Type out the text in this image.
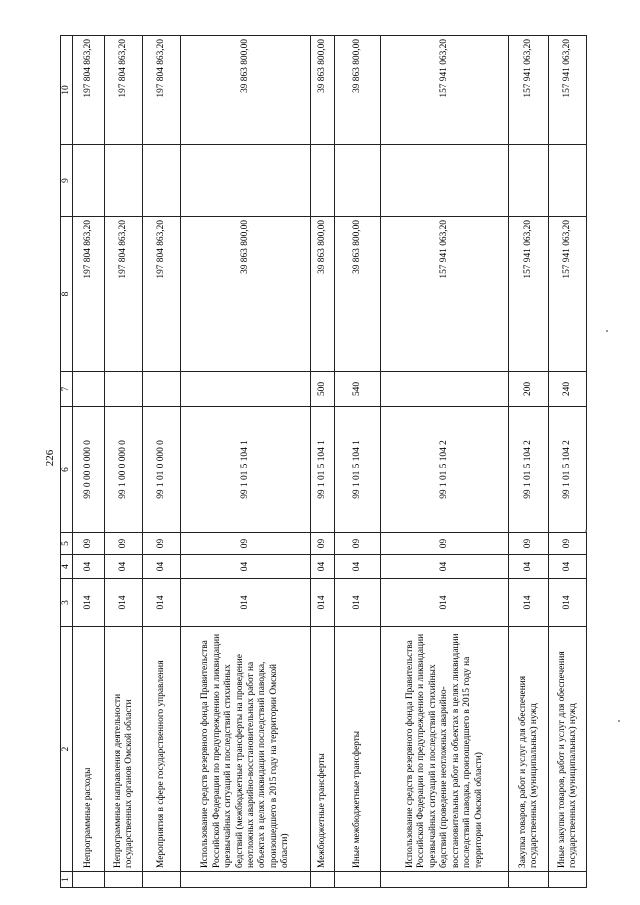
226
1	2	3	4	5	6	7	8	9	10
	Непрограммные расходы	014	04	09	99 0 00 0 000 0		197 804 863,20		197 804 863,20
	Непрограммные направления деятельности государственных органов Омской области	014	04	09	99 1 00 0 000 0		197 804 863,20		197 804 863,20
	Мероприятия в сфере государственного управления	014	04	09	99 1 01 0 000 0		197 804 863,20		197 804 863,20
	Использование средств резервного фонда Правительства Российской Федерации по предупреждению и ликвидации чрезвычайных ситуаций и последствий стихийных бедствий (межбюджетные трансферты на проведение неотложных аварийно-восстановительных работ на объектах в целях ликвидации последствий паводка, произошедшего в 2015 году на территории Омской области)	014	04	09	99 1 01 5 104 1		39 863 800,00		39 863 800,00
	Межбюджетные трансферты	014	04	09	99 1 01 5 104 1	500	39 863 800,00		39 863 800,00
	Иные межбюджетные трансферты	014	04	09	99 1 01 5 104 1	540	39 863 800,00		39 863 800,00
	Использование средств резервного фонда Правительства Российской Федерации по предупреждению и ликвидации чрезвычайных ситуаций и последствий стихийных бедствий (проведение неотложных аварийно-восстановительных работ на объектах в целях ликвидации последствий паводка, произошедшего в 2015 году на территории Омской области)	014	04	09	99 1 01 5 104 2		157 941 063,20		157 941 063,20
	Закупка товаров, работ и услуг для обеспечения государственных (муниципальных) нужд	014	04	09	99 1 01 5 104 2	200	157 941 063,20		157 941 063,20
	Иные закупки товаров, работ и услуг для обеспечения государственных (муниципальных) нужд	014	04	09	99 1 01 5 104 2	240	157 941 063,20		157 941 063,20
